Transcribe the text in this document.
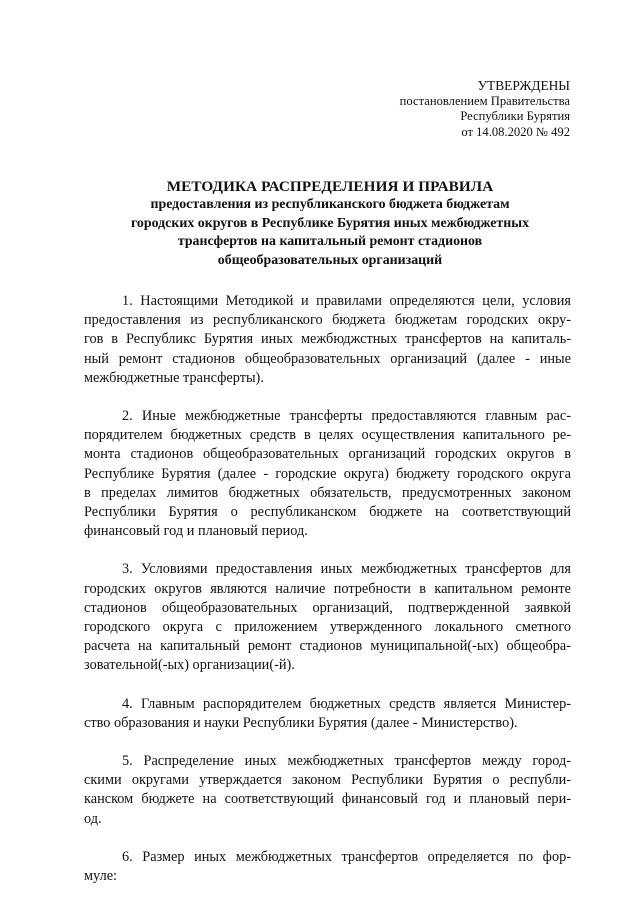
УТВЕРЖДЕНЫ
постановлением Правительства
Республики Бурятия
от 14.08.2020 № 492
МЕТОДИКА РАСПРЕДЕЛЕНИЯ И ПРАВИЛА
предоставления из республиканского бюджета бюджетам
городских округов в Республике Бурятия иных межбюджетных
трансфертов на капитальный ремонт стадионов
общеобразовательных организаций
1. Настоящими Методикой и правилами определяются цели, условия
предоставления из республиканского бюджета бюджетам городских окру-
гов в Республикс Бурятия иных межбюджстных трансфертов на капиталь-
ный ремонт стадионов общеобразовательных организаций (далее - иные
межбюджетные трансферты).
2. Иные межбюджетные трансферты предоставляются главным рас-
порядителем бюджетных средств в целях осуществления капитального ре-
монта стадионов общеобразовательных организаций городских округов в
Республике Бурятия (далее - городские округа) бюджету городского округа
в пределах лимитов бюджетных обязательств, предусмотренных законом
Республики Бурятия о республиканском бюджете на соответствующий
финансовый год и плановый период.
3. Условиями предоставления иных межбюджетных трансфертов для
городских округов являются наличие потребности в капитальном ремонте
стадионов общеобразовательных организаций, подтвержденной заявкой
городского округа с приложением утвержденного локального сметного
расчета на капитальный ремонт стадионов муниципальной(-ых) общеобра-
зовательной(-ых) организации(-й).
4. Главным распорядителем бюджетных средств является Министер-
ство образования и науки Республики Бурятия (далее - Министерство).
5. Распределение иных межбюджетных трансфертов между город-
скими округами утверждается законом Республики Бурятия о республи-
канском бюджете на соответствующий финансовый год и плановый пери-
од.
6. Размер иных межбюджетных трансфертов определяется по фор-
муле:
